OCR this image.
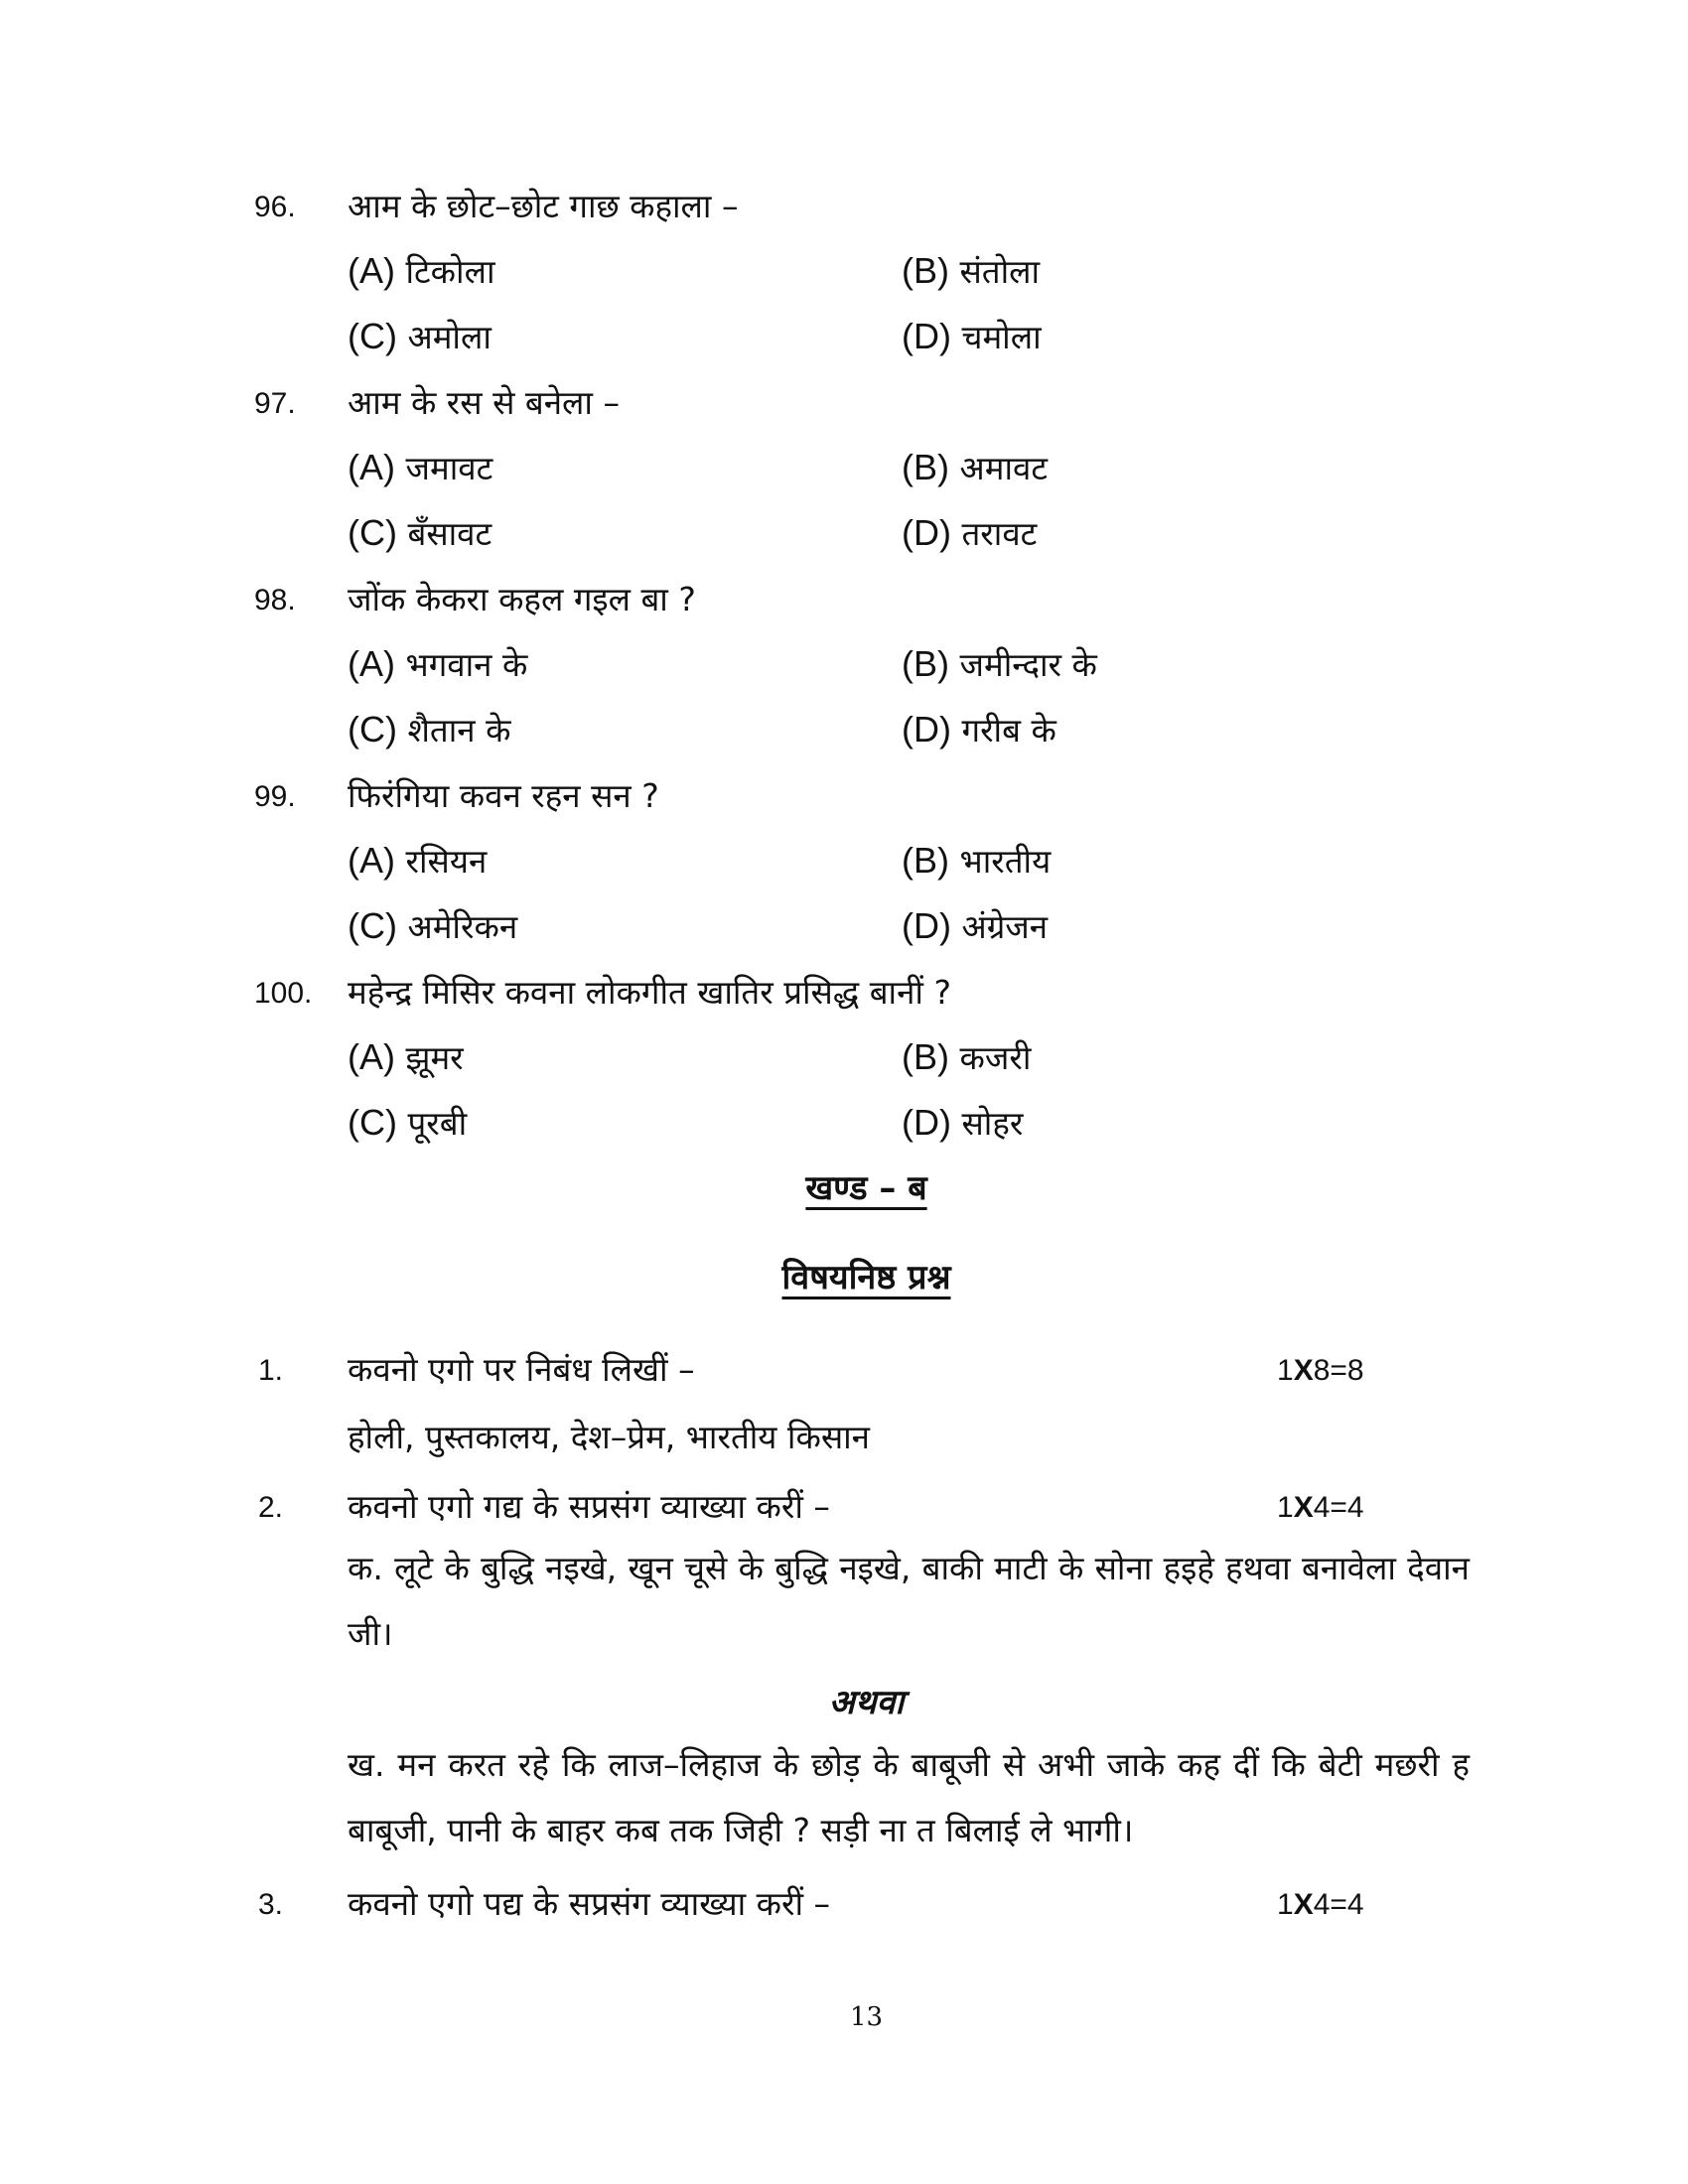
96. आम के छोट–छोट गाछ कहाला –
(A) टिकोला	(B) संतोला
(C) अमोला	(D) चमोला
97. आम के रस से बनेला –
(A) जमावट	(B) अमावट
(C) बँसावट	(D) तरावट
98. जोंक केकरा कहल गइल बा ?
(A) भगवान के	(B) जमीन्दार के
(C) शैतान के	(D) गरीब के
99. फिरंगिया कवन रहन सन ?
(A) रसियन	(B) भारतीय
(C) अमेरिकन	(D) अंग्रेजन
100. महेन्द्र मिसिर कवना लोकगीत खातिर प्रसिद्ध बानीं ?
(A) झूमर	(B) कजरी
(C) पूरबी	(D) सोहर
खण्ड – ब
विषयनिष्ठ प्रश्न
1. कवनो एगो पर निबंध लिखीं –	1X8=8
होली, पुस्तकालय, देश–प्रेम, भारतीय किसान
2. कवनो एगो गद्य के सप्रसंग व्याख्या करीं –	1X4=4
क. लूटे के बुद्धि नइखे, खून चूसे के बुद्धि नइखे, बाकी माटी के सोना हइहे हथवा बनावेला देवान जी।
अथवा
ख. मन करत रहे कि लाज–लिहाज के छोड़ के बाबूजी से अभी जाके कह दीं कि बेटी मछरी ह बाबूजी, पानी के बाहर कब तक जिही ? सड़ी ना त बिलाई ले भागी।
3. कवनो एगो पद्य के सप्रसंग व्याख्या करीं –	1X4=4
13
